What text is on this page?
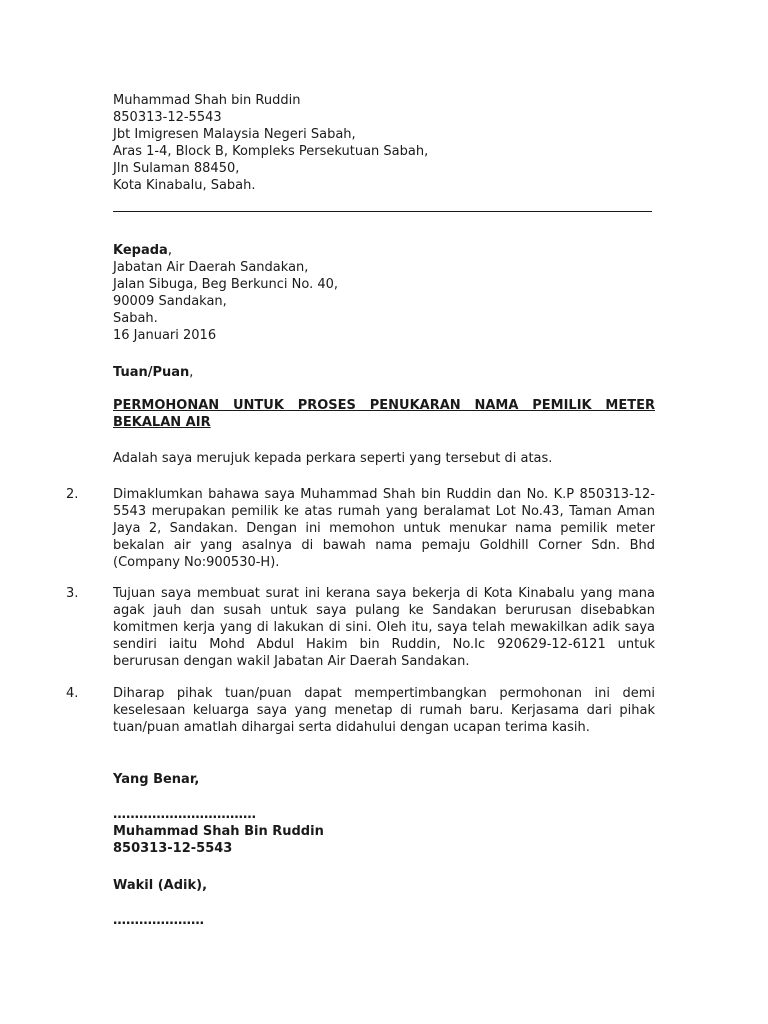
Muhammad Shah bin Ruddin
850313-12-5543
Jbt Imigresen Malaysia Negeri Sabah,
Aras 1-4, Block B, Kompleks Persekutuan Sabah,
Jln Sulaman 88450,
Kota Kinabalu, Sabah.
Kepada,
Jabatan Air Daerah Sandakan,
Jalan Sibuga, Beg Berkunci No. 40,
90009 Sandakan,
Sabah.
16 Januari 2016
Tuan/Puan,
PERMOHONAN UNTUK PROSES PENUKARAN NAMA PEMILIK METER BEKALAN AIR
Adalah saya merujuk kepada perkara seperti yang tersebut di atas.
2.	Dimaklumkan bahawa saya Muhammad Shah bin Ruddin dan No. K.P 850313-12-5543 merupakan pemilik ke atas rumah yang beralamat Lot No.43, Taman Aman Jaya 2, Sandakan. Dengan ini memohon untuk menukar nama pemilik meter bekalan air yang asalnya di bawah nama pemaju Goldhill Corner Sdn. Bhd (Company No:900530-H).
3.	Tujuan saya membuat surat ini kerana saya bekerja di Kota Kinabalu yang mana agak jauh dan susah untuk saya pulang ke Sandakan berurusan disebabkan komitmen kerja yang di lakukan di sini. Oleh itu, saya telah mewakilkan adik saya sendiri iaitu Mohd Abdul Hakim bin Ruddin, No.Ic 920629-12-6121 untuk berurusan dengan wakil Jabatan Air Daerah Sandakan.
4.	Diharap pihak tuan/puan dapat mempertimbangkan permohonan ini demi keselesaan keluarga saya yang menetap di rumah baru. Kerjasama dari pihak tuan/puan amatlah dihargai serta didahului dengan ucapan terima kasih.
Yang Benar,
……………………………
Muhammad Shah Bin Ruddin
850313-12-5543
Wakil (Adik),
…………………
